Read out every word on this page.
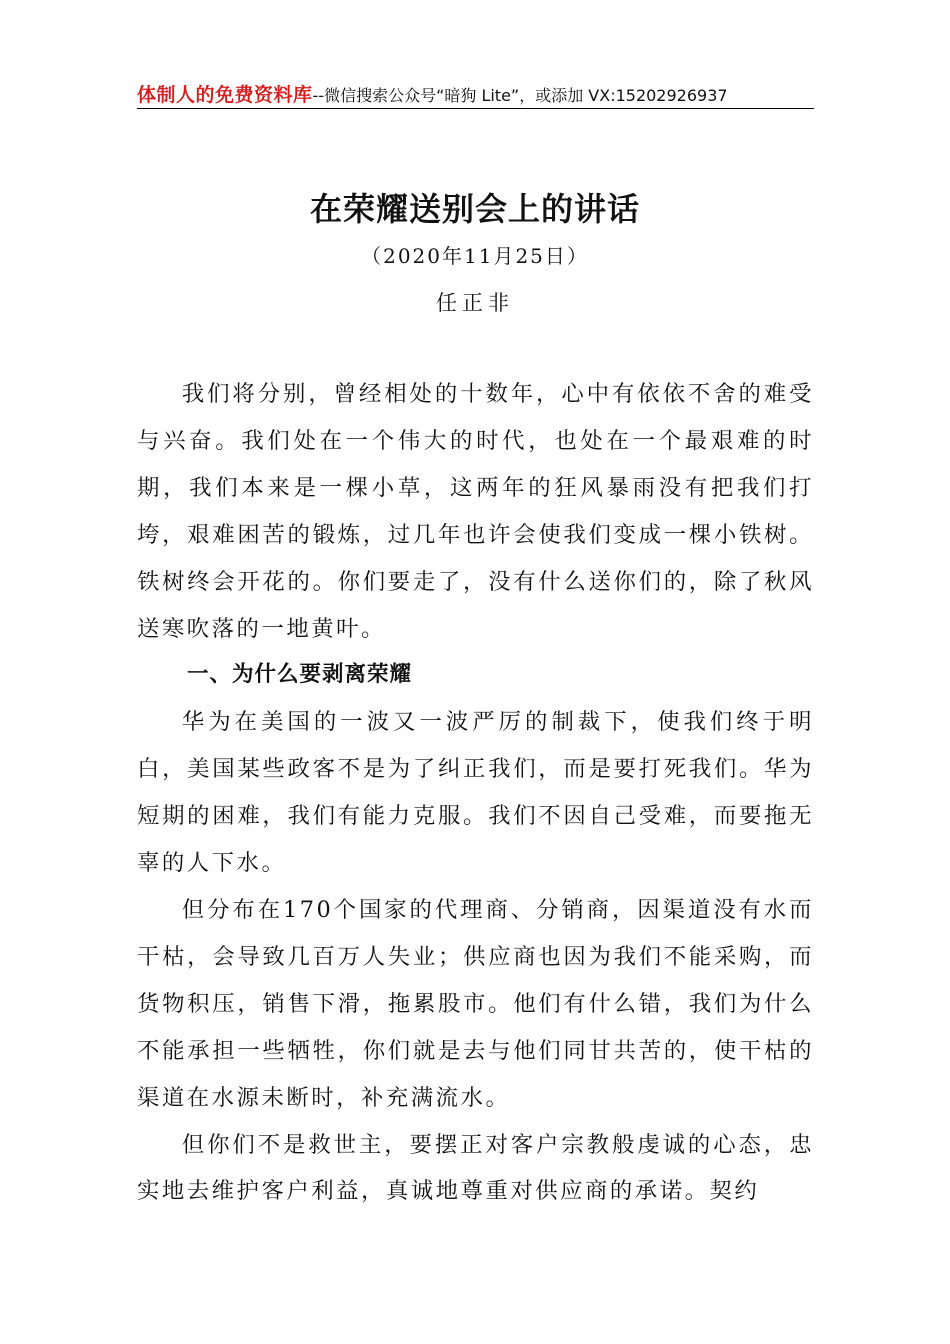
体制人的免费资料库--微信搜索公众号“暗狗 Lite”，或添加 VX:15202926937
在荣耀送别会上的讲话
（2020年11月25日）
任正非

我们将分别，曾经相处的十数年，心中有依依不舍的难受与兴奋。我们处在一个伟大的时代，也处在一个最艰难的时期，我们本来是一棵小草，这两年的狂风暴雨没有把我们打垮，艰难困苦的锻炼，过几年也许会使我们变成一棵小铁树。铁树终会开花的。你们要走了，没有什么送你们的，除了秋风送寒吹落的一地黄叶。

一、为什么要剥离荣耀

华为在美国的一波又一波严厉的制裁下，使我们终于明白，美国某些政客不是为了纠正我们，而是要打死我们。华为短期的困难，我们有能力克服。我们不因自己受难，而要拖无辜的人下水。

但分布在170个国家的代理商、分销商，因渠道没有水而干枯，会导致几百万人失业；供应商也因为我们不能采购，而货物积压，销售下滑，拖累股市。他们有什么错，我们为什么不能承担一些牺牲，你们就是去与他们同甘共苦的，使干枯的渠道在水源未断时，补充满流水。

但你们不是救世主，要摆正对客户宗教般虔诚的心态，忠实地去维护客户利益，真诚地尊重对供应商的承诺。契约
